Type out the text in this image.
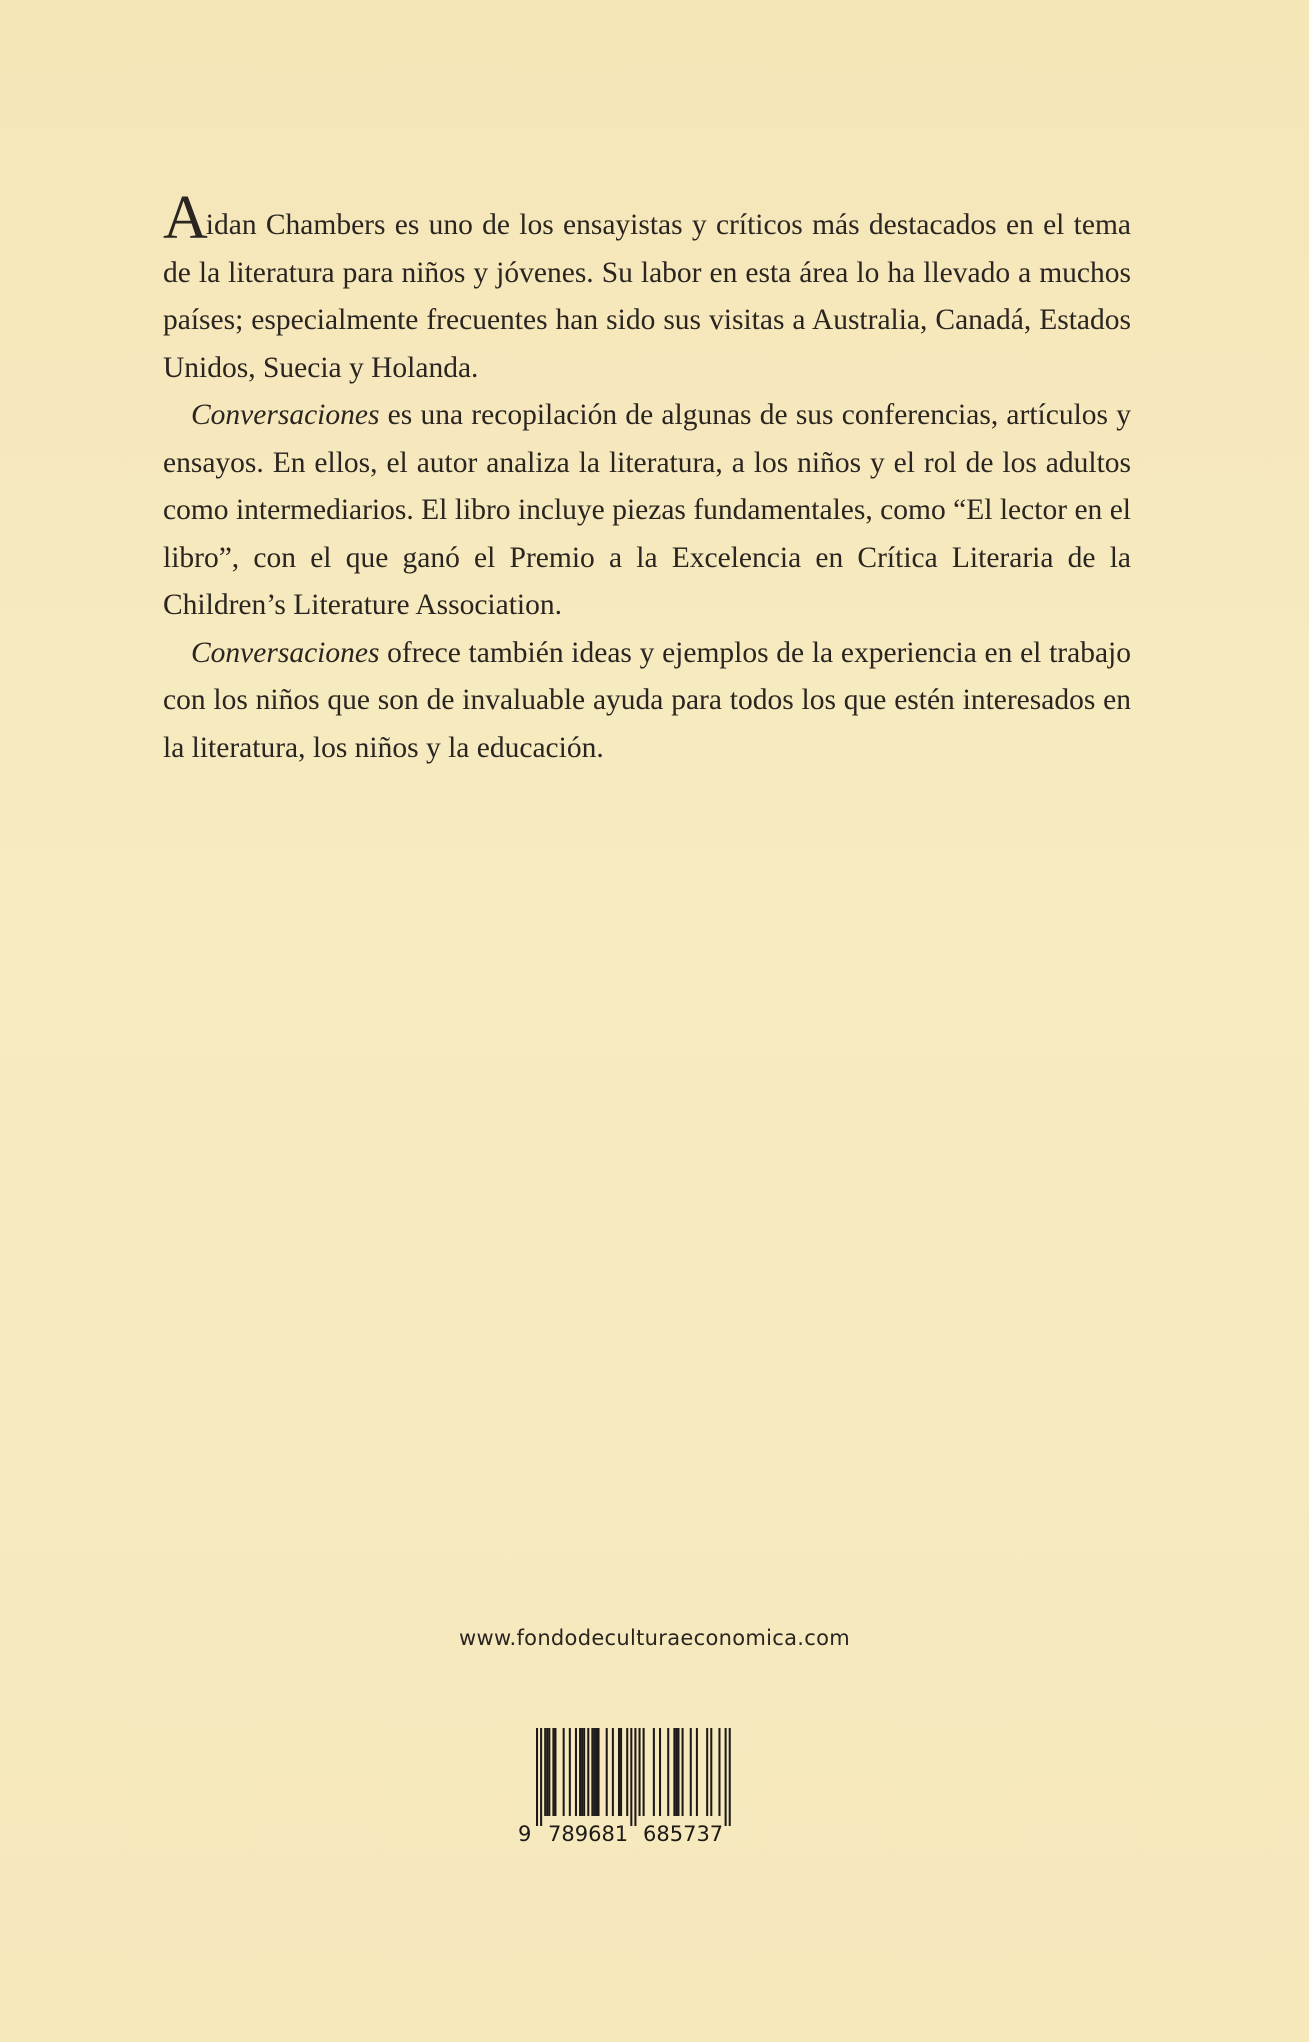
Aidan Chambers es uno de los ensayistas y críticos más destacados en el tema de la literatura para niños y jóvenes. Su labor en esta área lo ha llevado a muchos países; especialmente frecuentes han sido sus visitas a Australia, Canadá, Estados Unidos, Suecia y Holanda.

Conversaciones es una recopilación de algunas de sus conferencias, artículos y ensayos. En ellos, el autor analiza la literatura, a los niños y el rol de los adultos como intermediarios. El libro incluye piezas fundamentales, como “El lector en el libro”, con el que ganó el Premio a la Excelencia en Crítica Literaria de la Children’s Literature Association.

Conversaciones ofrece también ideas y ejemplos de la experiencia en el trabajo con los niños que son de invaluable ayuda para todos los que estén interesados en la literatura, los niños y la educación.

www.fondodeculturaeconomica.com
9 789681 685737
